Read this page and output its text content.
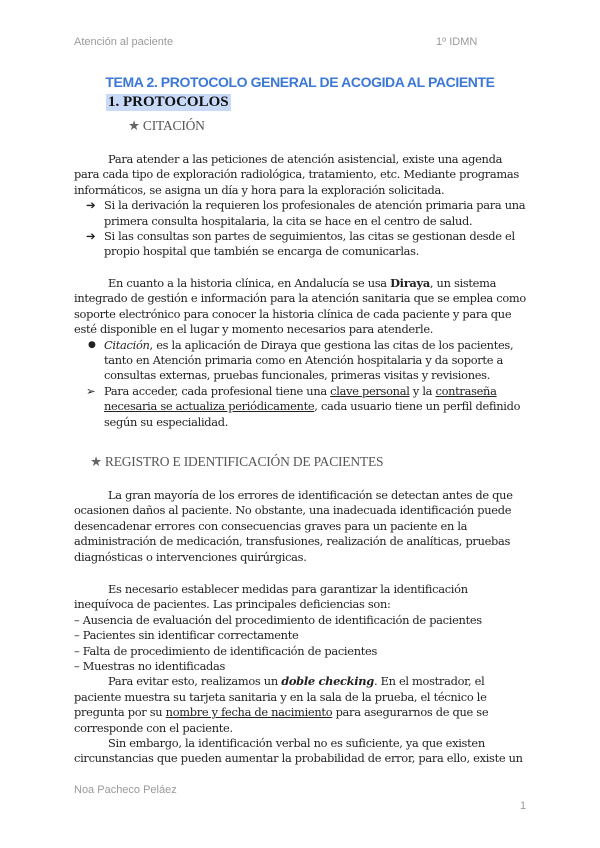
Atención al paciente	1º IDMN
TEMA 2. PROTOCOLO GENERAL DE ACOGIDA AL PACIENTE
1. PROTOCOLOS
★ CITACIÓN

Para atender a las peticiones de atención asistencial, existe una agenda para cada tipo de exploración radiológica, tratamiento, etc. Mediante programas informáticos, se asigna un día y hora para la exploración solicitada.

➔ Si la derivación la requieren los profesionales de atención primaria para una primera consulta hospitalaria, la cita se hace en el centro de salud.
➔ Si las consultas son partes de seguimientos, las citas se gestionan desde el propio hospital que también se encarga de comunicarlas.

En cuanto a la historia clínica, en Andalucía se usa Diraya, un sistema integrado de gestión e información para la atención sanitaria que se emplea como soporte electrónico para conocer la historia clínica de cada paciente y para que esté disponible en el lugar y momento necesarios para atenderle.

● Citación, es la aplicación de Diraya que gestiona las citas de los pacientes, tanto en Atención primaria como en Atención hospitalaria y da soporte a consultas externas, pruebas funcionales, primeras visitas y revisiones.
➢ Para acceder, cada profesional tiene una clave personal y la contraseña necesaria se actualiza periódicamente, cada usuario tiene un perfil definido según su especialidad.
★ REGISTRO E IDENTIFICACIÓN DE PACIENTES

La gran mayoría de los errores de identificación se detectan antes de que ocasionen daños al paciente. No obstante, una inadecuada identificación puede desencadenar errores con consecuencias graves para un paciente en la administración de medicación, transfusiones, realización de analíticas, pruebas diagnósticas o intervenciones quirúrgicas.

Es necesario establecer medidas para garantizar la identificación inequívoca de pacientes. Las principales deficiencias son:

– Ausencia de evaluación del procedimiento de identificación de pacientes

– Pacientes sin identificar correctamente

– Falta de procedimiento de identificación de pacientes

– Muestras no identificadas

Para evitar esto, realizamos un doble checking. En el mostrador, el paciente muestra su tarjeta sanitaria y en la sala de la prueba, el técnico le pregunta por su nombre y fecha de nacimiento para asegurarnos de que se corresponde con el paciente.

Sin embargo, la identificación verbal no es suficiente, ya que existen circunstancias que pueden aumentar la probabilidad de error, para ello, existe un

Noa Pacheco Peláez
1
